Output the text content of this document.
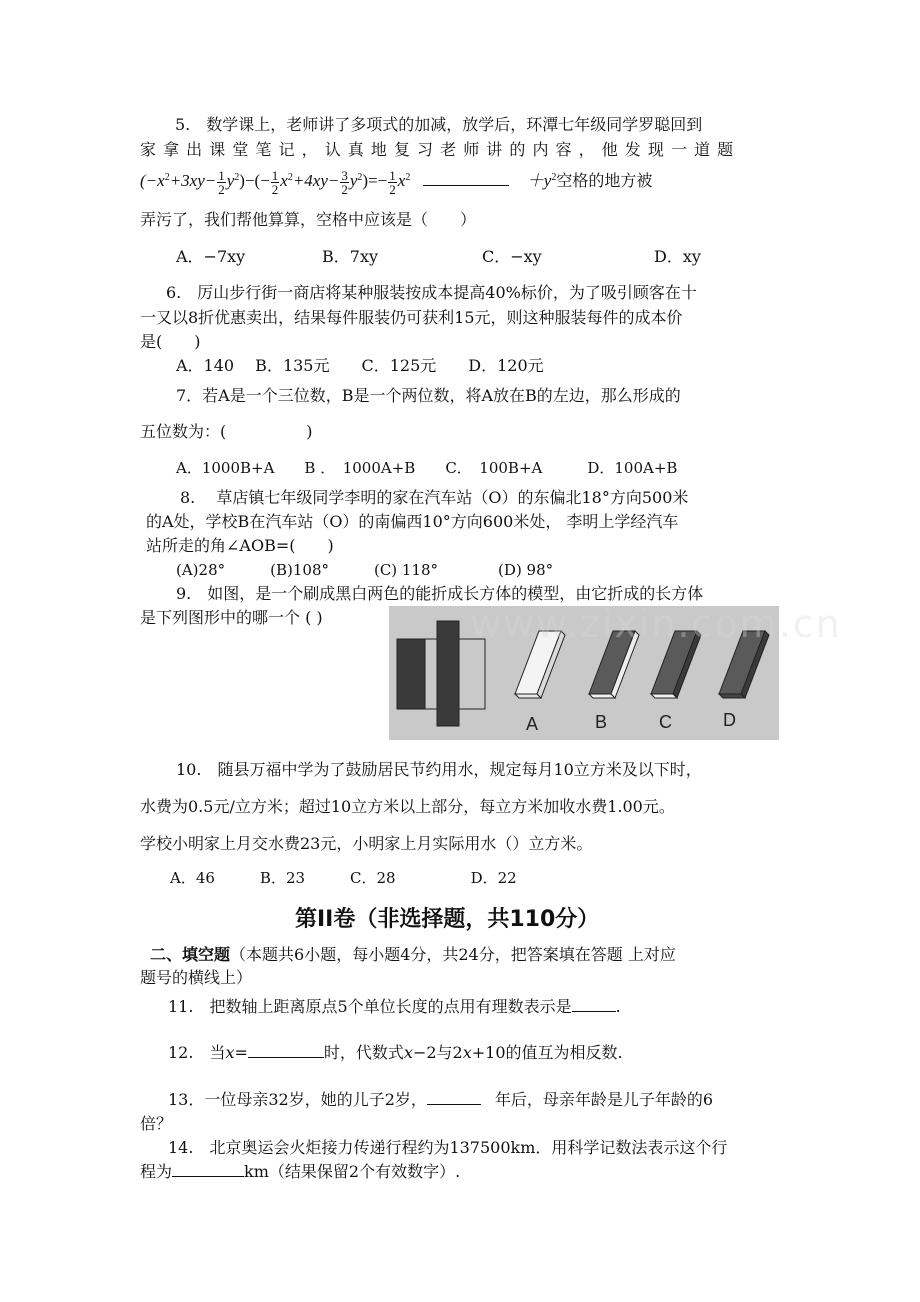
5.　数学课上，老师讲了多项式的加减，放学后，环潭七年级同学罗聪回到
家 拿 出 课 堂 笔 记 ， 认 真 地 复 习 老 师 讲 的 内 容 ， 他 发 现 一 道 题
$(-x^2+3xy- \frac{1}{2} y^2)-(- \frac{1}{2} x^2+4xy- \frac{3}{2} y^2)=- \frac{1}{2} x^2$	$+y^2$空格的地方被
弄污了，我们帮他算算，空格中应该是（　　）
A．−7xy	B．7xy	C．−xy	D．xy
6.　厉山步行街一商店将某种服装按成本提高40%标价，为了吸引顾客在十
一又以8折优惠卖出，结果每件服装仍可获利15元，则这种服装每件的成本价
是(　　)
A．140　 B．135元　　C．125元　　D．120元
7．若A是一个三位数，B是一个两位数，将A放在B的左边，那么形成的
五位数为：(　　　　　)
A．1000B+A　　B ．　1000A+B　　C．　100B+A　　　D．100A+B
8.　 草店镇七年级同学李明的家在汽车站（O）的东偏北18°方向500米
的A处，学校B在汽车站（O）的南偏西10°方向600米处， 李明上学经汽车
站所走的角∠AOB=(　　)
(A)28°　　　(B)108°　　　(C) 118°　　　　(D) 98°
9.　如图，是一个刷成黑白两色的能折成长方体的模型，由它折成的长方体
是下列图形中的哪一个 ( )
A	B	C	D
www.zixin.com.cn
10.　随县万福中学为了鼓励居民节约用水，规定每月10立方米及以下时，
水费为0.5元/立方米；超过10立方米以上部分，每立方米加收水费1.00元。
学校小明家上月交水费23元，小明家上月实际用水（）立方米。
A．46　　　B．23　　　C．28　　　　　D．22
第II卷（非选择题，共110分）
二、填空题（本题共6小题，每小题4分，共24分，把答案填在答题 上对应
题号的横线上）
11.　把数轴上距离原点5个单位长度的点用有理数表示是	.
12.　当x=	时，代数式x−2与2x+10的值互为相反数.
13．一位母亲32岁，她的儿子2岁，	年后，母亲年龄是儿子年龄的6
倍？
14.　北京奥运会火炬接力传递行程约为137500km．用科学记数法表示这个行
程为	km（结果保留2个有效数字）.
